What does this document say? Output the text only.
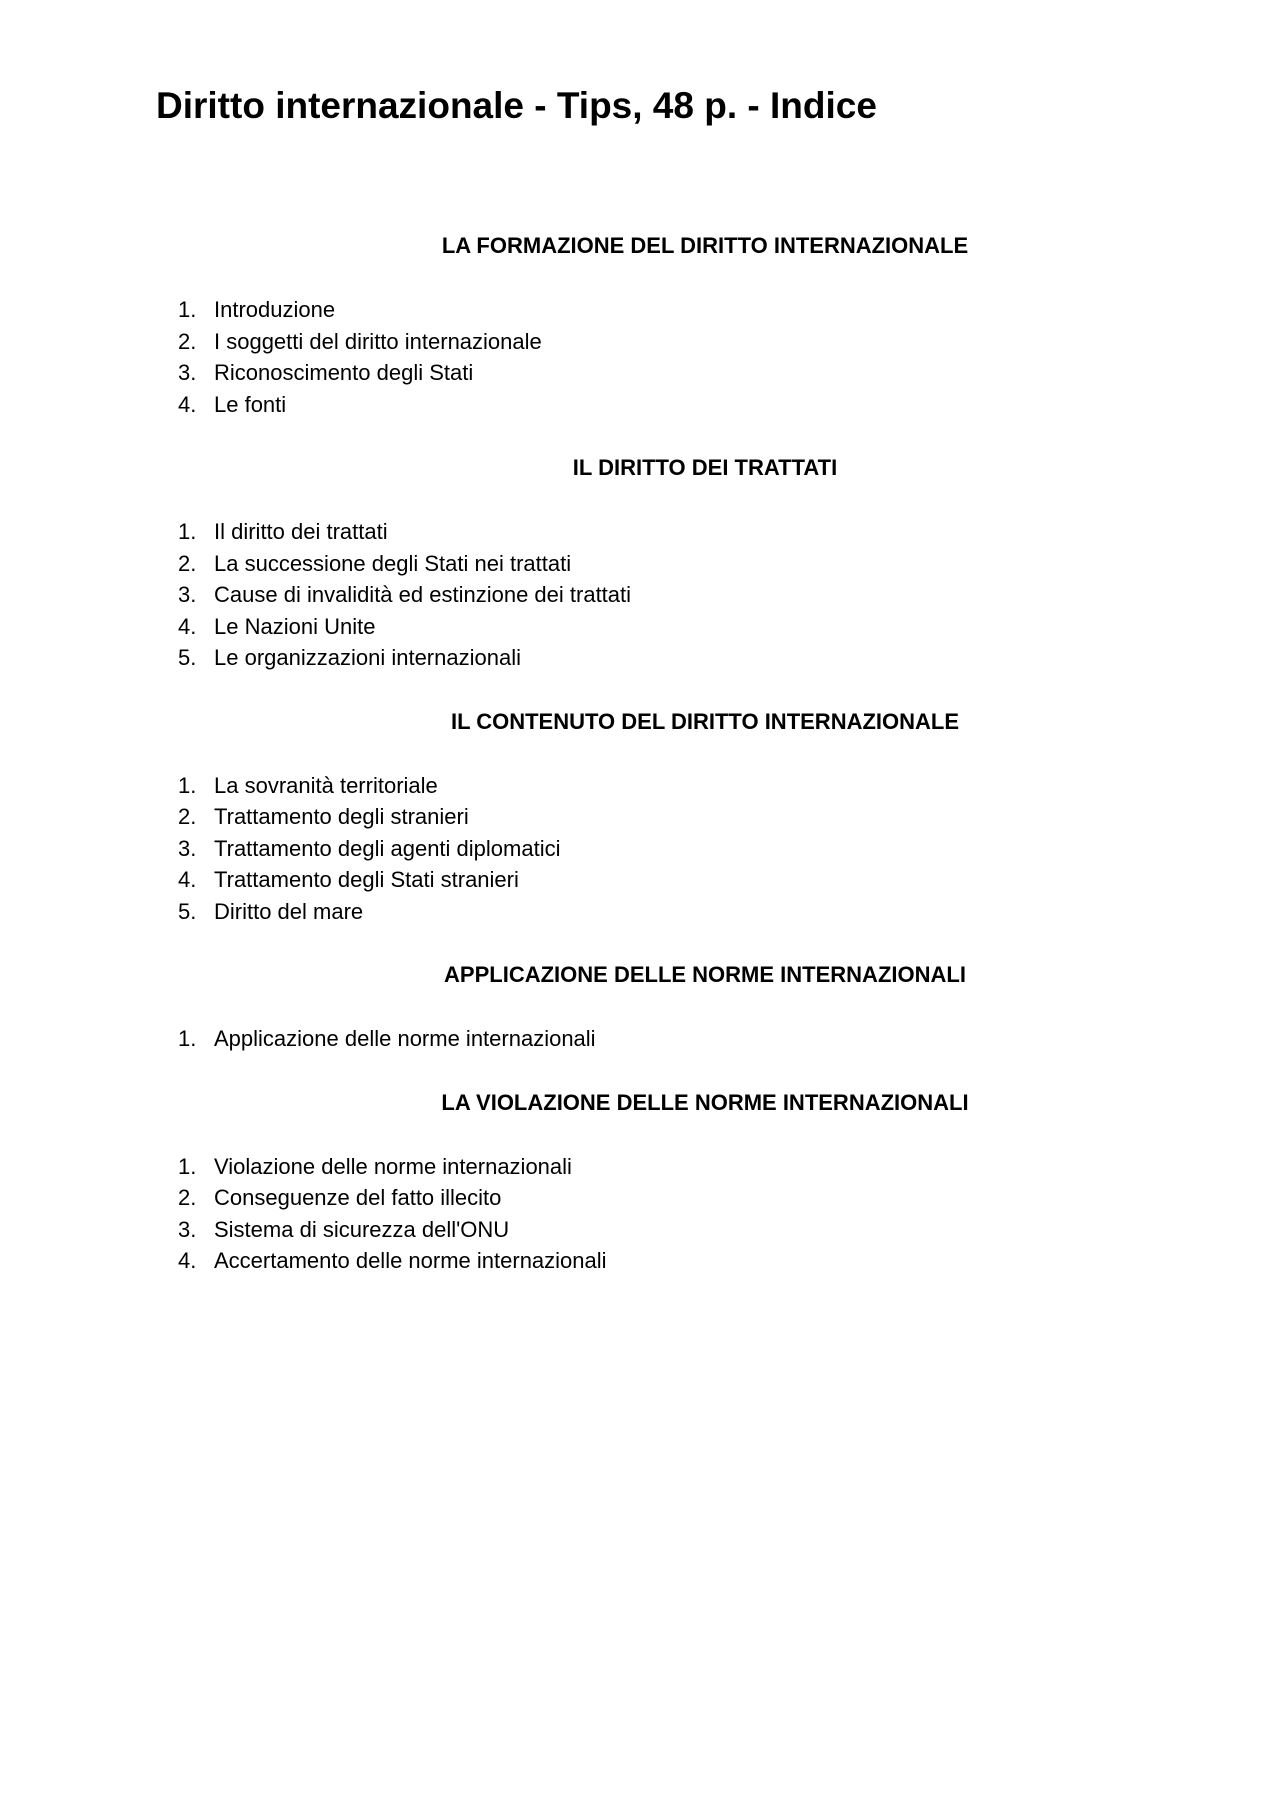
Diritto internazionale - Tips, 48 p. - Indice
LA FORMAZIONE DEL DIRITTO INTERNAZIONALE
1. Introduzione
2. I soggetti del diritto internazionale
3. Riconoscimento degli Stati
4. Le fonti
IL DIRITTO DEI TRATTATI
1. Il diritto dei trattati
2. La successione degli Stati nei trattati
3. Cause di invalidità ed estinzione dei trattati
4. Le Nazioni Unite
5. Le organizzazioni internazionali
IL CONTENUTO DEL DIRITTO INTERNAZIONALE
1. La sovranità territoriale
2. Trattamento degli stranieri
3. Trattamento degli agenti diplomatici
4. Trattamento degli Stati stranieri
5. Diritto del mare
APPLICAZIONE DELLE NORME INTERNAZIONALI
1. Applicazione delle norme internazionali
LA VIOLAZIONE DELLE NORME INTERNAZIONALI
1. Violazione delle norme internazionali
2. Conseguenze del fatto illecito
3. Sistema di sicurezza dell'ONU
4. Accertamento delle norme internazionali
